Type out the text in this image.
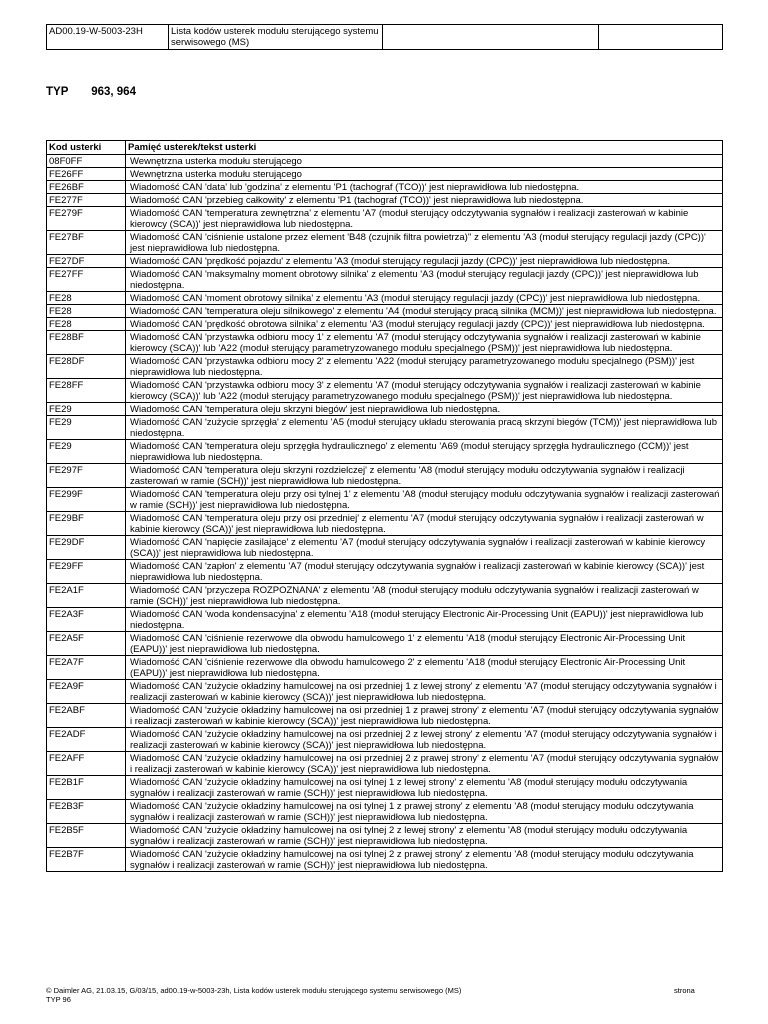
AD00.19-W-5003-23H	Lista kodów usterek modułu sterującego systemu serwisowego (MS)		
TYP 963, 964
Kod usterki	Pamięć usterek/tekst usterki
08F0FF	Wewnętrzna usterka modułu sterującego
FE26FF	Wewnętrzna usterka modułu sterującego
FE26BF	Wiadomość CAN 'data' lub 'godzina' z elementu 'P1 (tachograf (TCO))' jest nieprawidłowa lub niedostępna.
FE277F	Wiadomość CAN 'przebieg całkowity' z elementu 'P1 (tachograf (TCO))' jest nieprawidłowa lub niedostępna.
FE279F	Wiadomość CAN 'temperatura zewnętrzna' z elementu 'A7 (moduł sterujący odczytywania sygnałów i realizacji zasterowań w kabinie kierowcy (SCA))' jest nieprawidłowa lub niedostępna.
FE27BF	Wiadomość CAN 'ciśnienie ustalone przez element 'B48 (czujnik filtra powietrza)'' z elementu 'A3 (moduł sterujący regulacji jazdy (CPC))' jest nieprawidłowa lub niedostępna.
FE27DF	Wiadomość CAN 'prędkość pojazdu' z elementu 'A3 (moduł sterujący regulacji jazdy (CPC))' jest nieprawidłowa lub niedostępna.
FE27FF	Wiadomość CAN 'maksymalny moment obrotowy silnika' z elementu 'A3 (moduł sterujący regulacji jazdy (CPC))' jest nieprawidłowa lub niedostępna.
FE28	Wiadomość CAN 'moment obrotowy silnika' z elementu 'A3 (moduł sterujący regulacji jazdy (CPC))' jest nieprawidłowa lub niedostępna.
FE28	Wiadomość CAN 'temperatura oleju silnikowego' z elementu 'A4 (moduł sterujący pracą silnika (MCM))' jest nieprawidłowa lub niedostępna.
FE28	Wiadomość CAN 'prędkość obrotowa silnika' z elementu 'A3 (moduł sterujący regulacji jazdy (CPC))' jest nieprawidłowa lub niedostępna.
FE28BF	Wiadomość CAN 'przystawka odbioru mocy 1' z elementu 'A7 (moduł sterujący odczytywania sygnałów i realizacji zasterowań w kabinie kierowcy (SCA))' lub 'A22 (moduł sterujący parametryzowanego modułu specjalnego (PSM))' jest nieprawidłowa lub niedostępna.
FE28DF	Wiadomość CAN 'przystawka odbioru mocy 2' z elementu 'A22 (moduł sterujący parametryzowanego modułu specjalnego (PSM))' jest nieprawidłowa lub niedostępna.
FE28FF	Wiadomość CAN 'przystawka odbioru mocy 3' z elementu 'A7 (moduł sterujący odczytywania sygnałów i realizacji zasterowań w kabinie kierowcy (SCA))' lub 'A22 (moduł sterujący parametryzowanego modułu specjalnego (PSM))' jest nieprawidłowa lub niedostępna.
FE29	Wiadomość CAN 'temperatura oleju skrzyni biegów' jest nieprawidłowa lub niedostępna.
FE29	Wiadomość CAN 'zużycie sprzęgła' z elementu 'A5 (moduł sterujący układu sterowania pracą skrzyni biegów (TCM))' jest nieprawidłowa lub niedostępna.
FE29	Wiadomość CAN 'temperatura oleju sprzęgła hydraulicznego' z elementu 'A69 (moduł sterujący sprzęgła hydraulicznego (CCM))' jest nieprawidłowa lub niedostępna.
FE297F	Wiadomość CAN 'temperatura oleju skrzyni rozdzielczej' z elementu 'A8 (moduł sterujący modułu odczytywania sygnałów i realizacji zasterowań w ramie (SCH))' jest nieprawidłowa lub niedostępna.
FE299F	Wiadomość CAN 'temperatura oleju przy osi tylnej 1' z elementu 'A8 (moduł sterujący modułu odczytywania sygnałów i realizacji zasterowań w ramie (SCH))' jest nieprawidłowa lub niedostępna.
FE29BF	Wiadomość CAN 'temperatura oleju przy osi przedniej' z elementu 'A7 (moduł sterujący odczytywania sygnałów i realizacji zasterowań w kabinie kierowcy (SCA))' jest nieprawidłowa lub niedostępna.
FE29DF	Wiadomość CAN 'napięcie zasilające' z elementu 'A7 (moduł sterujący odczytywania sygnałów i realizacji zasterowań w kabinie kierowcy (SCA))' jest nieprawidłowa lub niedostępna.
FE29FF	Wiadomość CAN 'zapłon' z elementu 'A7 (moduł sterujący odczytywania sygnałów i realizacji zasterowań w kabinie kierowcy (SCA))' jest nieprawidłowa lub niedostępna.
FE2A1F	Wiadomość CAN 'przyczepa ROZPOZNANA' z elementu 'A8 (moduł sterujący modułu odczytywania sygnałów i realizacji zasterowań w ramie (SCH))' jest nieprawidłowa lub niedostępna.
FE2A3F	Wiadomość CAN 'woda kondensacyjna' z elementu 'A18 (moduł sterujący Electronic Air-Processing Unit (EAPU))' jest nieprawidłowa lub niedostępna.
FE2A5F	Wiadomość CAN 'ciśnienie rezerwowe dla obwodu hamulcowego 1' z elementu 'A18 (moduł sterujący Electronic Air-Processing Unit (EAPU))' jest nieprawidłowa lub niedostępna.
FE2A7F	Wiadomość CAN 'ciśnienie rezerwowe dla obwodu hamulcowego 2' z elementu 'A18 (moduł sterujący Electronic Air-Processing Unit (EAPU))' jest nieprawidłowa lub niedostępna.
FE2A9F	Wiadomość CAN 'zużycie okładziny hamulcowej na osi przedniej 1 z lewej strony' z elementu 'A7 (moduł sterujący odczytywania sygnałów i realizacji zasterowań w kabinie kierowcy (SCA))' jest nieprawidłowa lub niedostępna.
FE2ABF	Wiadomość CAN 'zużycie okładziny hamulcowej na osi przedniej 1 z prawej strony' z elementu 'A7 (moduł sterujący odczytywania sygnałów i realizacji zasterowań w kabinie kierowcy (SCA))' jest nieprawidłowa lub niedostępna.
FE2ADF	Wiadomość CAN 'zużycie okładziny hamulcowej na osi przedniej 2 z lewej strony' z elementu 'A7 (moduł sterujący odczytywania sygnałów i realizacji zasterowań w kabinie kierowcy (SCA))' jest nieprawidłowa lub niedostępna.
FE2AFF	Wiadomość CAN 'zużycie okładziny hamulcowej na osi przedniej 2 z prawej strony' z elementu 'A7 (moduł sterujący odczytywania sygnałów i realizacji zasterowań w kabinie kierowcy (SCA))' jest nieprawidłowa lub niedostępna.
FE2B1F	Wiadomość CAN 'zużycie okładziny hamulcowej na osi tylnej 1 z lewej strony' z elementu 'A8 (moduł sterujący modułu odczytywania sygnałów i realizacji zasterowań w ramie (SCH))' jest nieprawidłowa lub niedostępna.
FE2B3F	Wiadomość CAN 'zużycie okładziny hamulcowej na osi tylnej 1 z prawej strony' z elementu 'A8 (moduł sterujący modułu odczytywania sygnałów i realizacji zasterowań w ramie (SCH))' jest nieprawidłowa lub niedostępna.
FE2B5F	Wiadomość CAN 'zużycie okładziny hamulcowej na osi tylnej 2 z lewej strony' z elementu 'A8 (moduł sterujący modułu odczytywania sygnałów i realizacji zasterowań w ramie (SCH))' jest nieprawidłowa lub niedostępna.
FE2B7F	Wiadomość CAN 'zużycie okładziny hamulcowej na osi tylnej 2 z prawej strony' z elementu 'A8 (moduł sterujący modułu odczytywania sygnałów i realizacji zasterowań w ramie (SCH))' jest nieprawidłowa lub niedostępna.
© Daimler AG, 21.03.15, G/03/15, ad00.19-w-5003-23h, Lista kodów usterek modułu sterującego systemu serwisowego (MS)
TYP 96
strona
